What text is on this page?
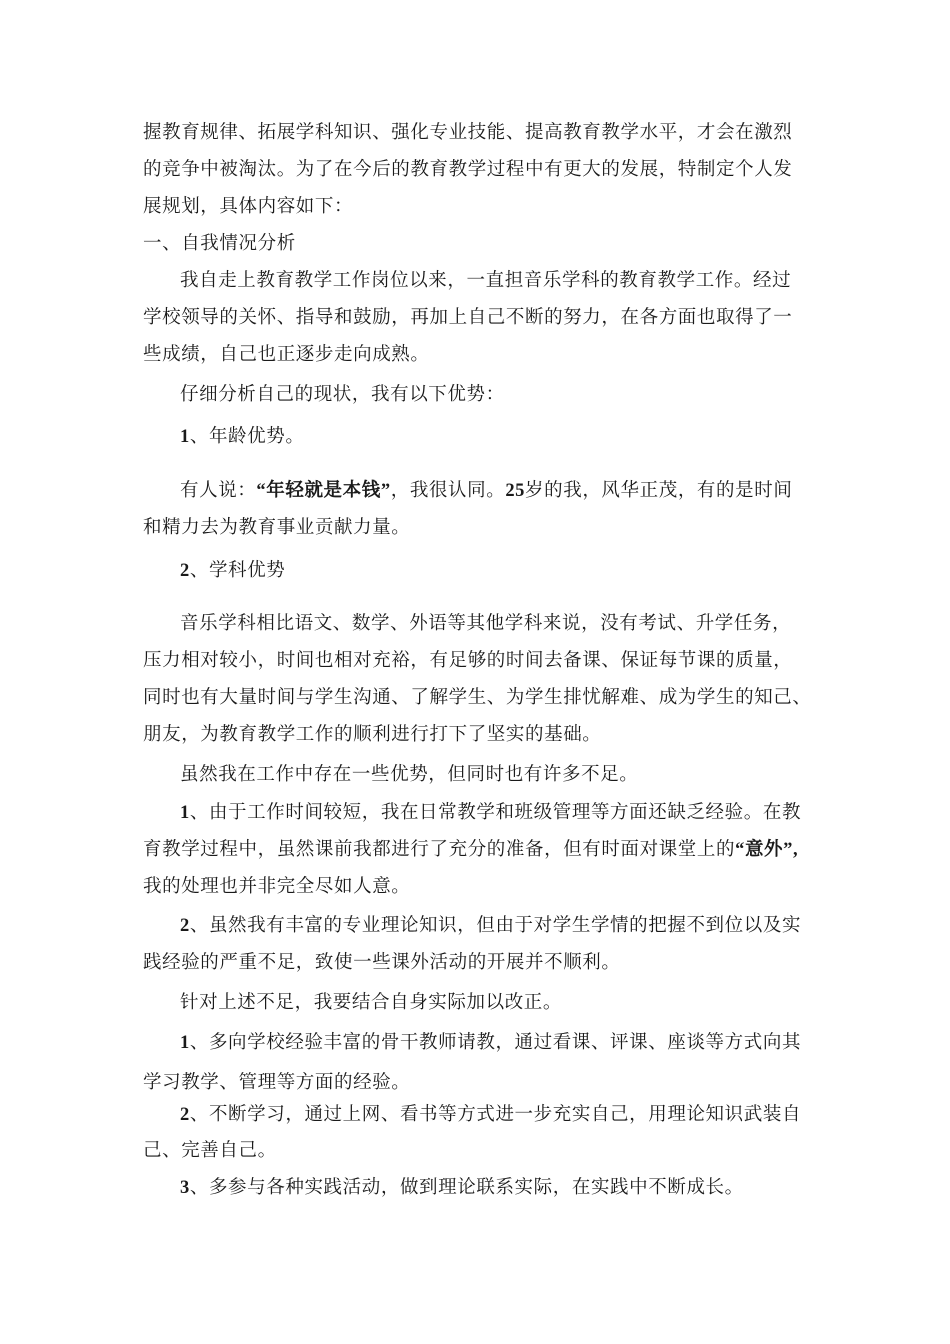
握教育规律、拓展学科知识、强化专业技能、提高教育教学水平，才会在激烈
的竞争中被淘汰。为了在今后的教育教学过程中有更大的发展，特制定个人发
展规划，具体内容如下：
一、自我情况分析
我自走上教育教学工作岗位以来，一直担音乐学科的教育教学工作。经过
学校领导的关怀、指导和鼓励，再加上自己不断的努力，在各方面也取得了一
些成绩，自己也正逐步走向成熟。
仔细分析自己的现状，我有以下优势：
1、年龄优势。
有人说：“年轻就是本钱”，我很认同。25岁的我，风华正茂，有的是时间
和精力去为教育事业贡献力量。
2、学科优势
音乐学科相比语文、数学、外语等其他学科来说，没有考试、升学任务，
压力相对较小，时间也相对充裕，有足够的时间去备课、保证每节课的质量，
同时也有大量时间与学生沟通、了解学生、为学生排忧解难、成为学生的知己、
朋友，为教育教学工作的顺利进行打下了坚实的基础。
虽然我在工作中存在一些优势，但同时也有许多不足。
1、由于工作时间较短，我在日常教学和班级管理等方面还缺乏经验。在教
育教学过程中，虽然课前我都进行了充分的准备，但有时面对课堂上的“意外”,
我的处理也并非完全尽如人意。
2、虽然我有丰富的专业理论知识，但由于对学生学情的把握不到位以及实
践经验的严重不足，致使一些课外活动的开展并不顺利。
针对上述不足，我要结合自身实际加以改正。
1、多向学校经验丰富的骨干教师请教，通过看课、评课、座谈等方式向其
学习教学、管理等方面的经验。
2、不断学习，通过上网、看书等方式进一步充实自己，用理论知识武装自
己、完善自己。
3、多参与各种实践活动，做到理论联系实际，在实践中不断成长。
